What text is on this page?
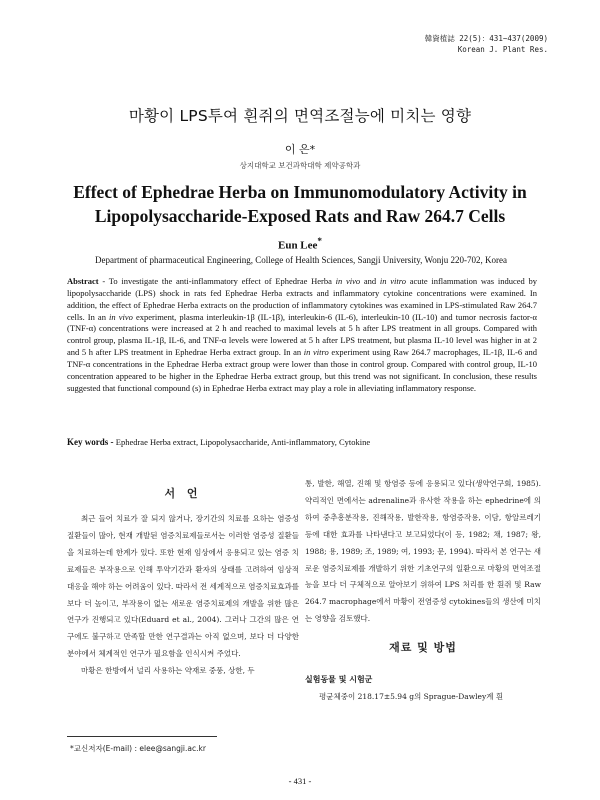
韓資植誌 22(5)：431~437(2009)
Korean J. Plant Res.
마황이 LPS투여 흰쥐의 면역조절능에 미치는 영향
이 은*
상지대학교 보건과학대학 제약공학과
Effect of Ephedrae Herba on Immunomodulatory Activity in
Lipopolysaccharide-Exposed Rats and Raw 264.7 Cells
Eun Lee*
Department of pharmaceutical Engineering, College of Health Sciences, Sangji University, Wonju 220-702, Korea
Abstract - To investigate the anti-inflammatory effect of Ephedrae Herba in vivo and in vitro acute inflammation was induced by lipopolysaccharide (LPS) shock in rats fed Ephedrae Herba extracts and inflammatory cytokine concentrations were examined. In addition, the effect of Ephedrae Herba extracts on the production of inflammatory cytokines was examined in LPS-stimulated Raw 264.7 cells. In an in vivo experiment, plasma interleukin-1β (IL-1β), interleukin-6 (IL-6), interleukin-10 (IL-10) and tumor necrosis factor-α (TNF-α) concentrations were increased at 2 h and reached to maximal levels at 5 h after LPS treatment in all groups. Compared with control group, plasma IL-1β, IL-6, and TNF-α levels were lowered at 5 h after LPS treatment, but plasma IL-10 level was higher in at 2 and 5 h after LPS treatment in Ephedrae Herba extract group. In an in vitro experiment using Raw 264.7 macrophages, IL-1β, IL-6 and TNF-α concentrations in the Ephedrae Herba extract group were lower than those in control group. Compared with control group, IL-10 concentration appeared to be higher in the Ephedrae Herba extract group, but this trend was not significant. In conclusion, these results suggested that functional compound (s) in Ephedrae Herba extract may play a role in alleviating inflammatory response.
Key words - Ephedrae Herba extract, Lipopolysaccharide, Anti-inflammatory, Cytokine
서 언

최근 들어 치료가 잘 되지 않거나, 장기간의 치료를 요하는 염증성 질환들이 많아, 현재 개발된 염증치료제들로서는 이러한 염증성 질환들을 치료하는데 한계가 있다. 또한 현재 임상에서 응용되고 있는 염증 치료제들은 부작용으로 인해 투약기간과 환자의 상태를 고려하여 임상적 대응을 해야 하는 어려움이 있다. 따라서 전 세계적으로 염증치료효과를 보다 더 높이고, 부작용이 없는 새로운 염증치료제의 개발을 위한 많은 연구가 진행되고 있다(Eduard et al., 2004). 그러나 그간의 많은 연구에도 불구하고 만족할 만한 연구결과는 아직 없으며, 보다 더 다양한 분야에서 체계적인 연구가 필요함을 인식시켜 주었다.

마황은 한방에서 널리 사용하는 약재로 중풍, 상한, 두

통, 발한, 해열, 진해 및 항염증 등에 응용되고 있다(생약연구회, 1985). 약리적인 면에서는 adrenaline과 유사한 작용을 하는 ephedrine에 의하여 중추흥분작용, 진해작용, 발한작용, 항염증작용, 이담, 항알르레기 등에 대한 효과를 나타낸다고 보고되었다(이 등, 1982; 채, 1987; 왕, 1988; 용, 1989; 조, 1989; 여, 1993; 문, 1994). 따라서 본 연구는 새로운 염증치료제를 개발하기 위한 기초연구의 일환으로 마황의 면역조절능을 보다 더 구체적으로 알아보기 위하여 LPS 처리를 한 흰쥐 및 Raw 264.7 macrophage에서 마황이 전염증성 cytokines들의 생산에 미치는 영향을 검토했다.

재료 및 방법
실험동물 및 시험군

평균체중이 218.17±5.94 g의 Sprague-Dawley계 흰

*교신저자(E-mail) : elee@sangji.ac.kr
- 431 -
